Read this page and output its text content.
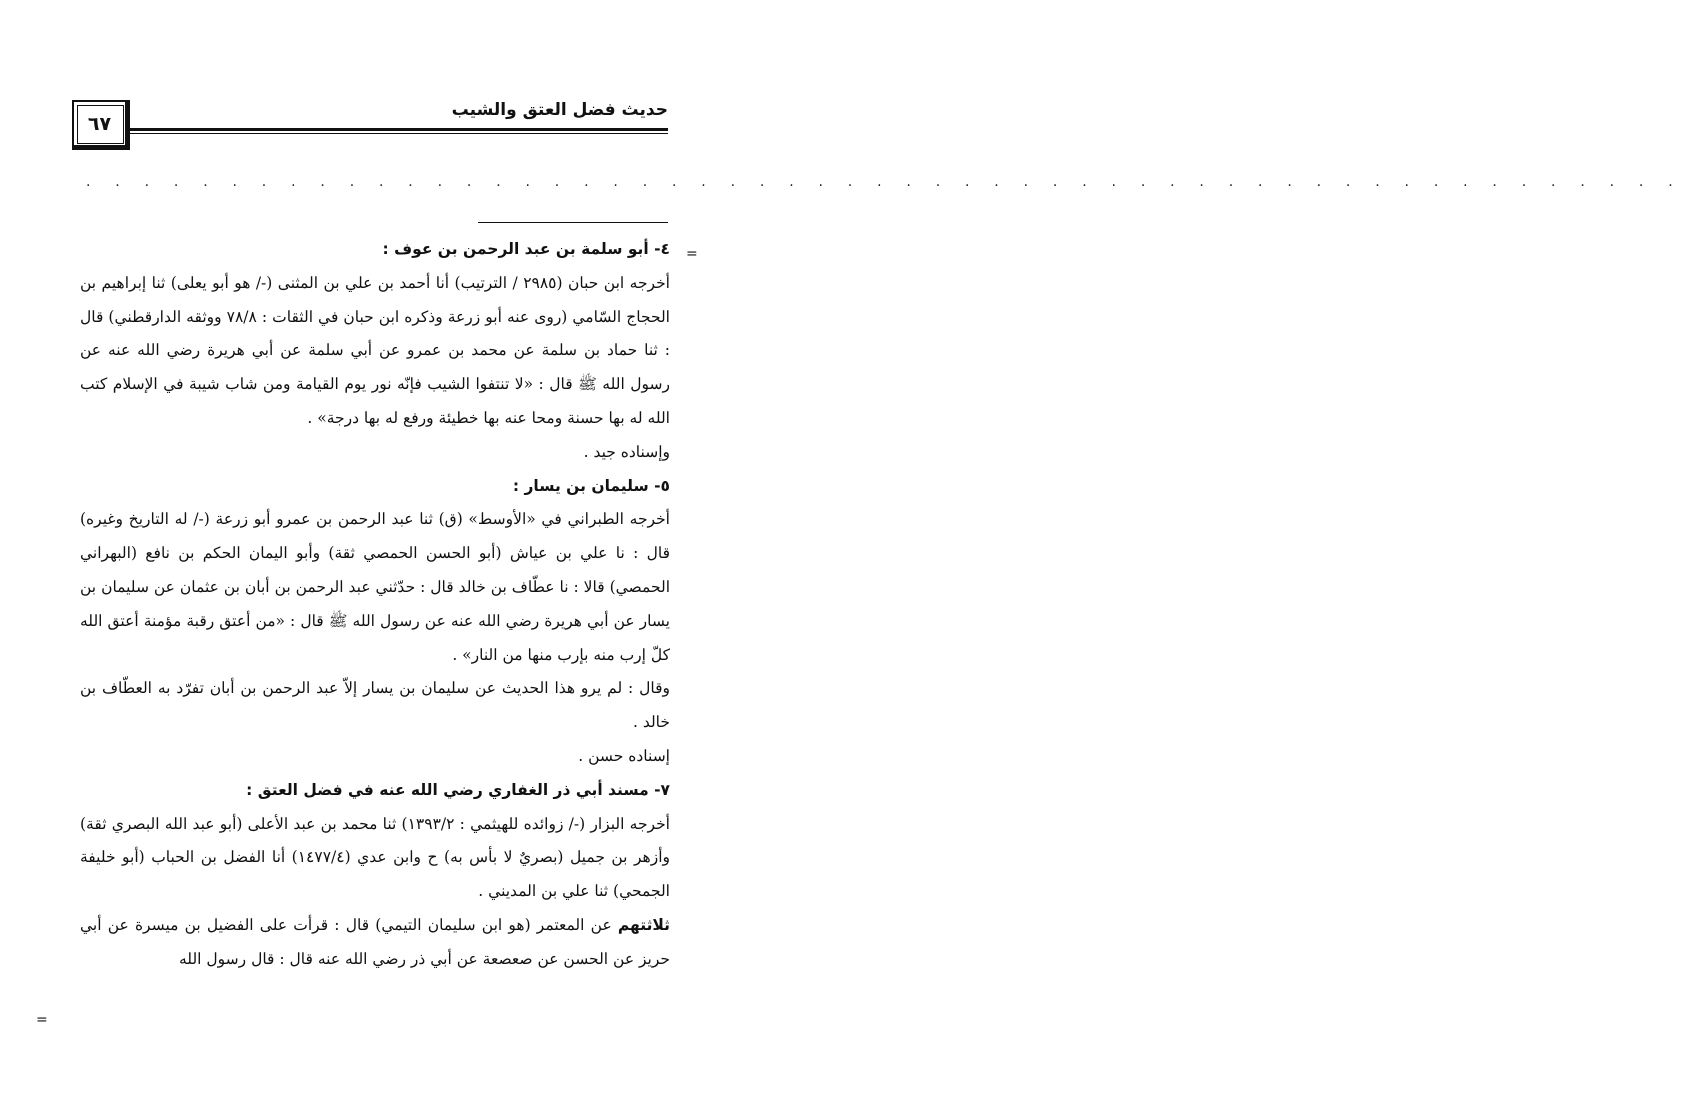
حديث فضل العتق والشيب
٦٧
. . . . . . . . . . . . . . . . . . . . . . . . . . . . . . . . . . . . . . . . . . . . . . . . . . . . . . .
=
=

٤- أبو سلمة بن عبد الرحمن بن عوف :

أخرجه ابن حبان (٢٩٨٥ / الترتيب) أنا أحمد بن علي بن المثنى (-/ هو أبو يعلى) ثنا إبراهيم بن الحجاج السّامي (روى عنه أبو زرعة وذكره ابن حبان في الثقات : ٧٨/٨ ووثقه الدارقطني) قال : ثنا حماد بن سلمة عن محمد بن عمرو عن أبي سلمة عن أبي هريرة رضي الله عنه عن رسول الله ﷺ قال : «لا تنتفوا الشيب فإنّه نور يوم القيامة ومن شاب شيبة في الإسلام كتب الله له بها حسنة ومحا عنه بها خطيئة ورفع له بها درجة» .

وإسناده جيد .

٥- سليمان بن يسار :

أخرجه الطبراني في «الأوسط» (ق) ثنا عبد الرحمن بن عمرو أبو زرعة (-/ له التاريخ وغيره) قال : نا علي بن عياش (أبو الحسن الحمصي ثقة) وأبو اليمان الحكم بن نافع (البهراني الحمصي) قالا : نا عطّاف بن خالد قال : حدّثني عبد الرحمن بن أبان بن عثمان عن سليمان بن يسار عن أبي هريرة رضي الله عنه عن رسول الله ﷺ قال : «من أعتق رقبة مؤمنة أعتق الله كلّ إرب منه بإرب منها من النار» .

وقال : لم يرو هذا الحديث عن سليمان بن يسار إلاّ عبد الرحمن بن أبان تفرّد به العطّاف بن خالد .

إسناده حسن .

٧- مسند أبي ذر الغفاري رضي الله عنه في فضل العتق :

أخرجه البزار (-/ زوائده للهيثمي : ١٣٩٣/٢) ثنا محمد بن عبد الأعلى (أبو عبد الله البصري ثقة) وأزهر بن جميل (بصريٌ لا بأس به) ح وابن عدي (١٤٧٧/٤) أنا الفضل بن الحباب (أبو خليفة الجمحي) ثنا علي بن المديني .

ثلاثتهم عن المعتمر (هو ابن سليمان التيمي) قال : قرأت على الفضيل بن ميسرة عن أبي حريز عن الحسن عن صعصعة عن أبي ذر رضي الله عنه قال : قال رسول الله
